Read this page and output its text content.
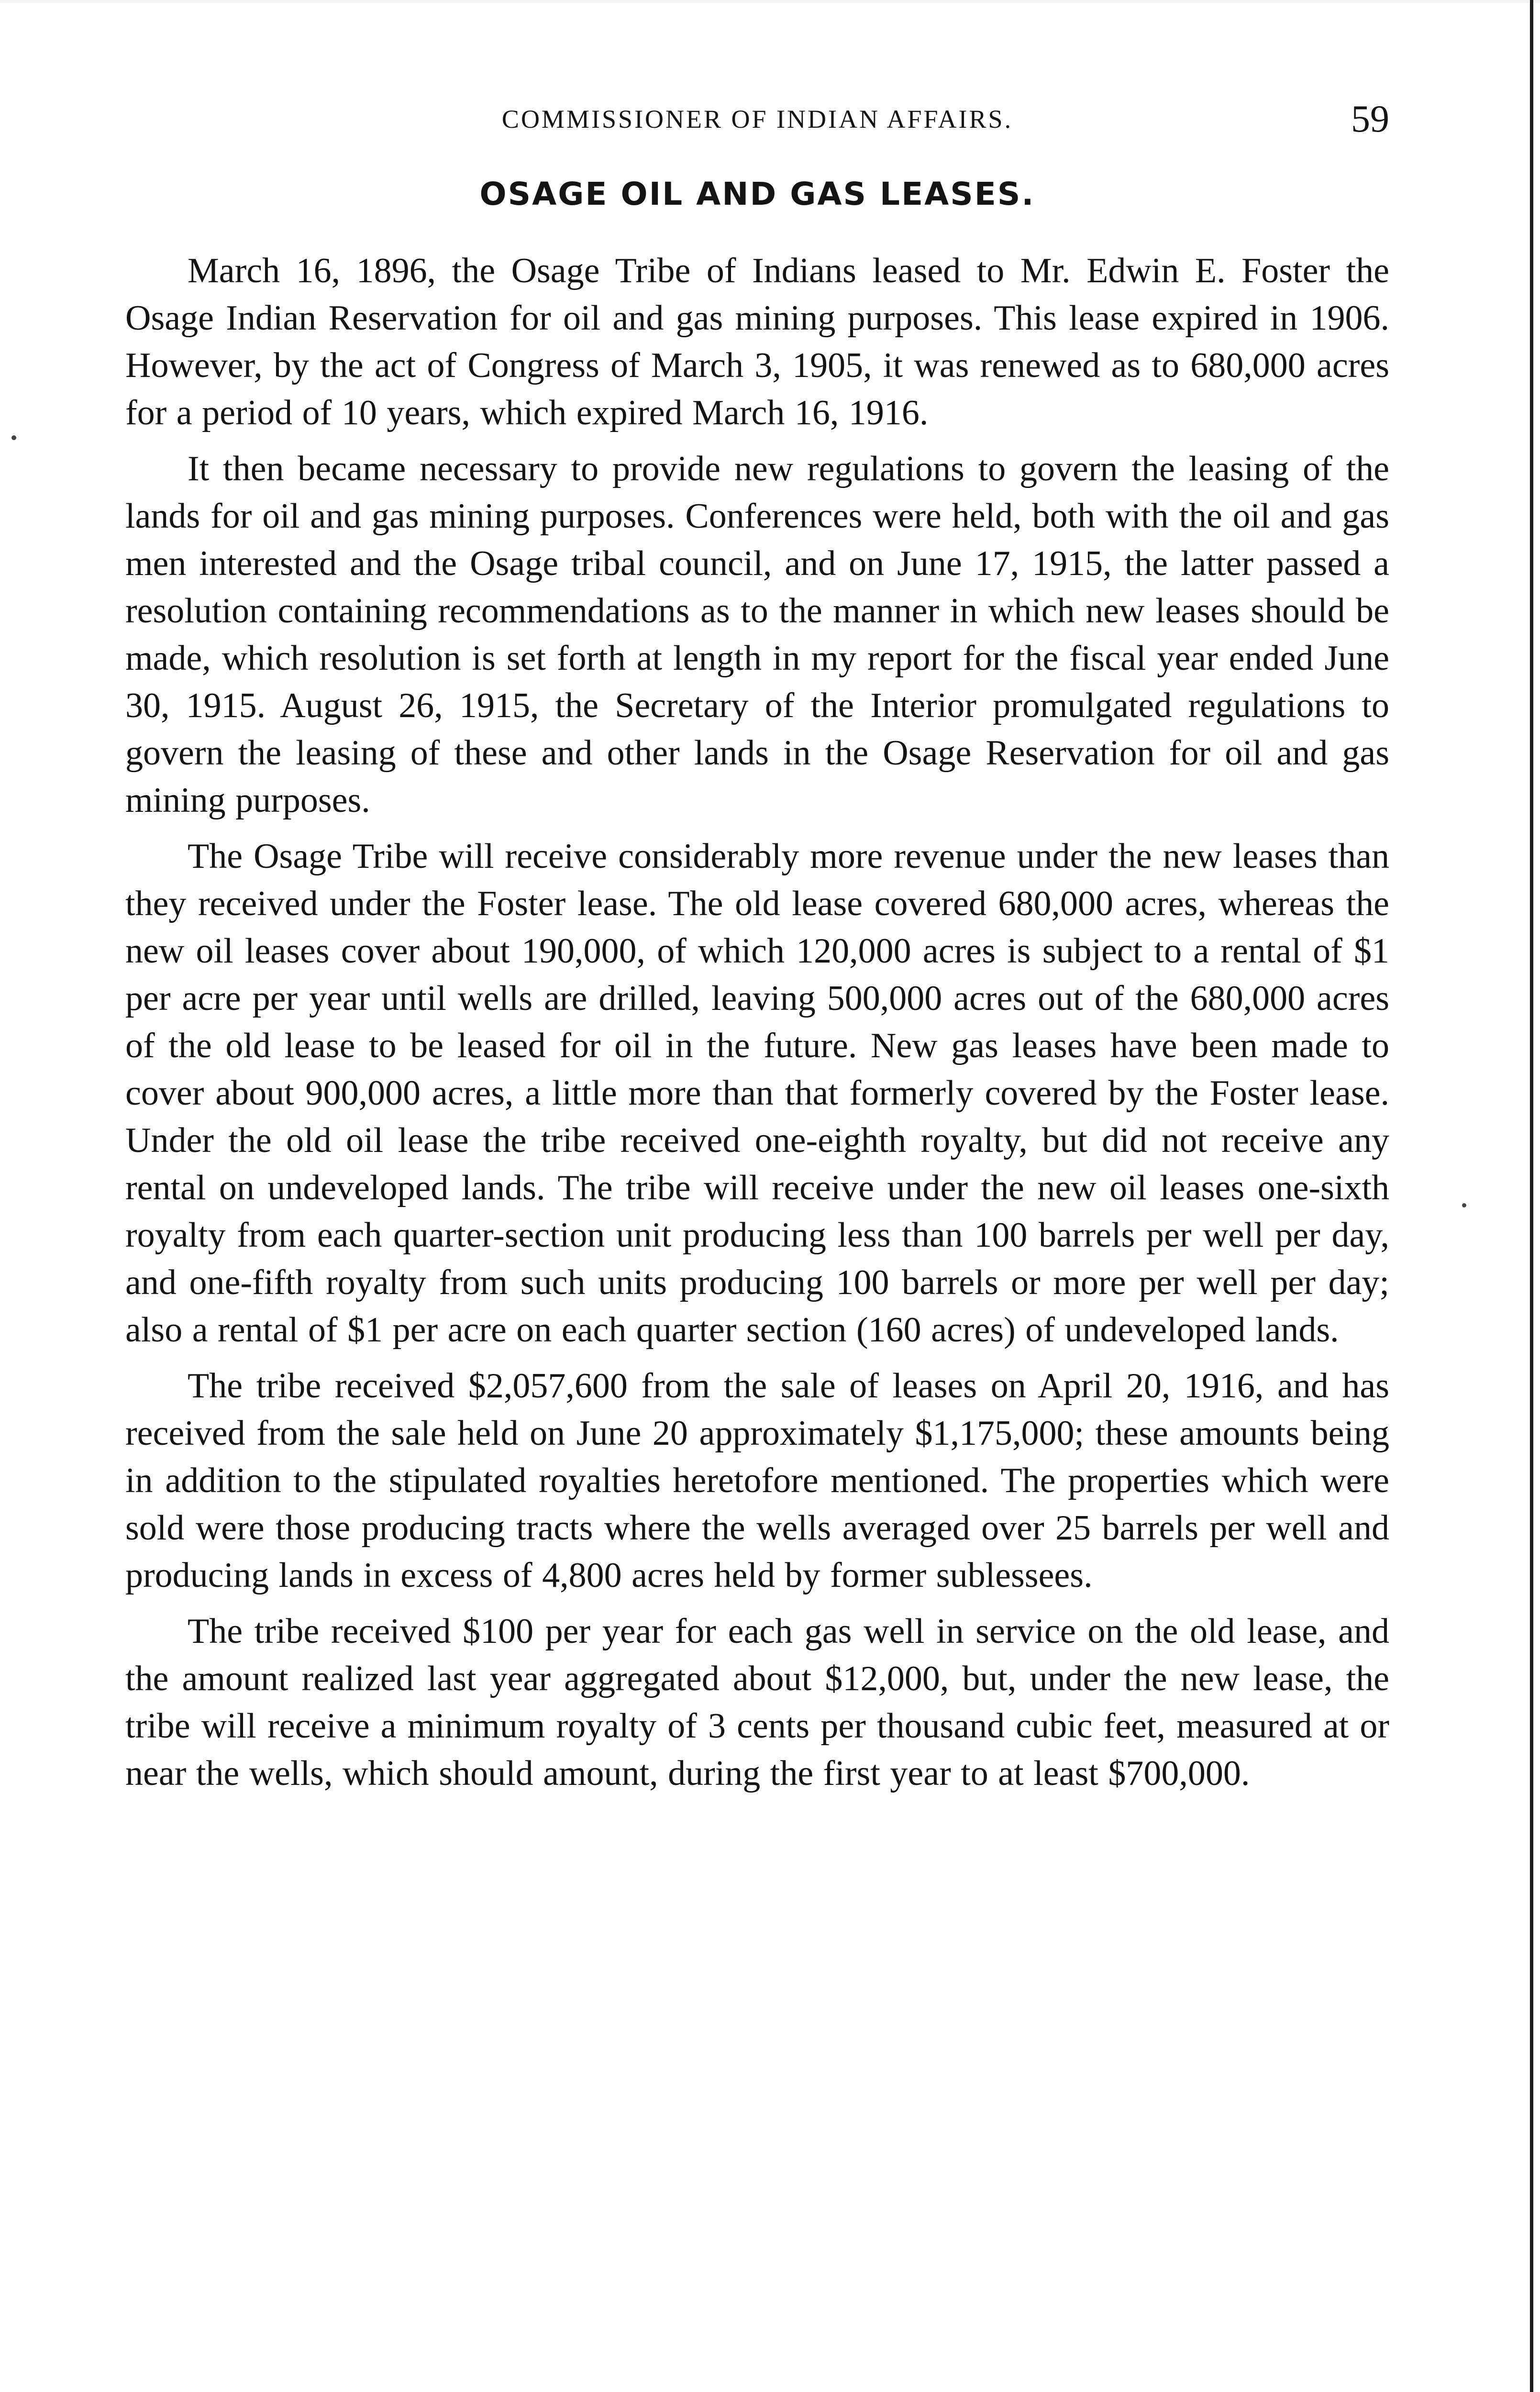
COMMISSIONER OF INDIAN AFFAIRS.	59
OSAGE OIL AND GAS LEASES.

March 16, 1896, the Osage Tribe of Indians leased to Mr. Edwin E. Foster the Osage Indian Reservation for oil and gas mining purposes. This lease expired in 1906. However, by the act of Congress of March 3, 1905, it was renewed as to 680,000 acres for a period of 10 years, which expired March 16, 1916.

It then became necessary to provide new regulations to govern the leasing of the lands for oil and gas mining purposes. Conferences were held, both with the oil and gas men interested and the Osage tribal council, and on June 17, 1915, the latter passed a resolution containing recommendations as to the manner in which new leases should be made, which resolution is set forth at length in my report for the fiscal year ended June 30, 1915. August 26, 1915, the Secretary of the Interior promulgated regulations to govern the leasing of these and other lands in the Osage Reservation for oil and gas mining purposes.

The Osage Tribe will receive considerably more revenue under the new leases than they received under the Foster lease. The old lease covered 680,000 acres, whereas the new oil leases cover about 190,000, of which 120,000 acres is subject to a rental of $1 per acre per year until wells are drilled, leaving 500,000 acres out of the 680,000 acres of the old lease to be leased for oil in the future. New gas leases have been made to cover about 900,000 acres, a little more than that formerly covered by the Foster lease. Under the old oil lease the tribe received one-eighth royalty, but did not receive any rental on undeveloped lands. The tribe will receive under the new oil leases one-sixth royalty from each quarter-section unit producing less than 100 barrels per well per day, and one-fifth royalty from such units producing 100 barrels or more per well per day; also a rental of $1 per acre on each quarter section (160 acres) of undeveloped lands.

The tribe received $2,057,600 from the sale of leases on April 20, 1916, and has received from the sale held on June 20 approximately $1,175,000; these amounts being in addition to the stipulated royalties heretofore mentioned. The properties which were sold were those producing tracts where the wells averaged over 25 barrels per well and producing lands in excess of 4,800 acres held by former sublessees.

The tribe received $100 per year for each gas well in service on the old lease, and the amount realized last year aggregated about $12,000, but, under the new lease, the tribe will receive a minimum royalty of 3 cents per thousand cubic feet, measured at or near the wells, which should amount, during the first year to at least $700,000.
